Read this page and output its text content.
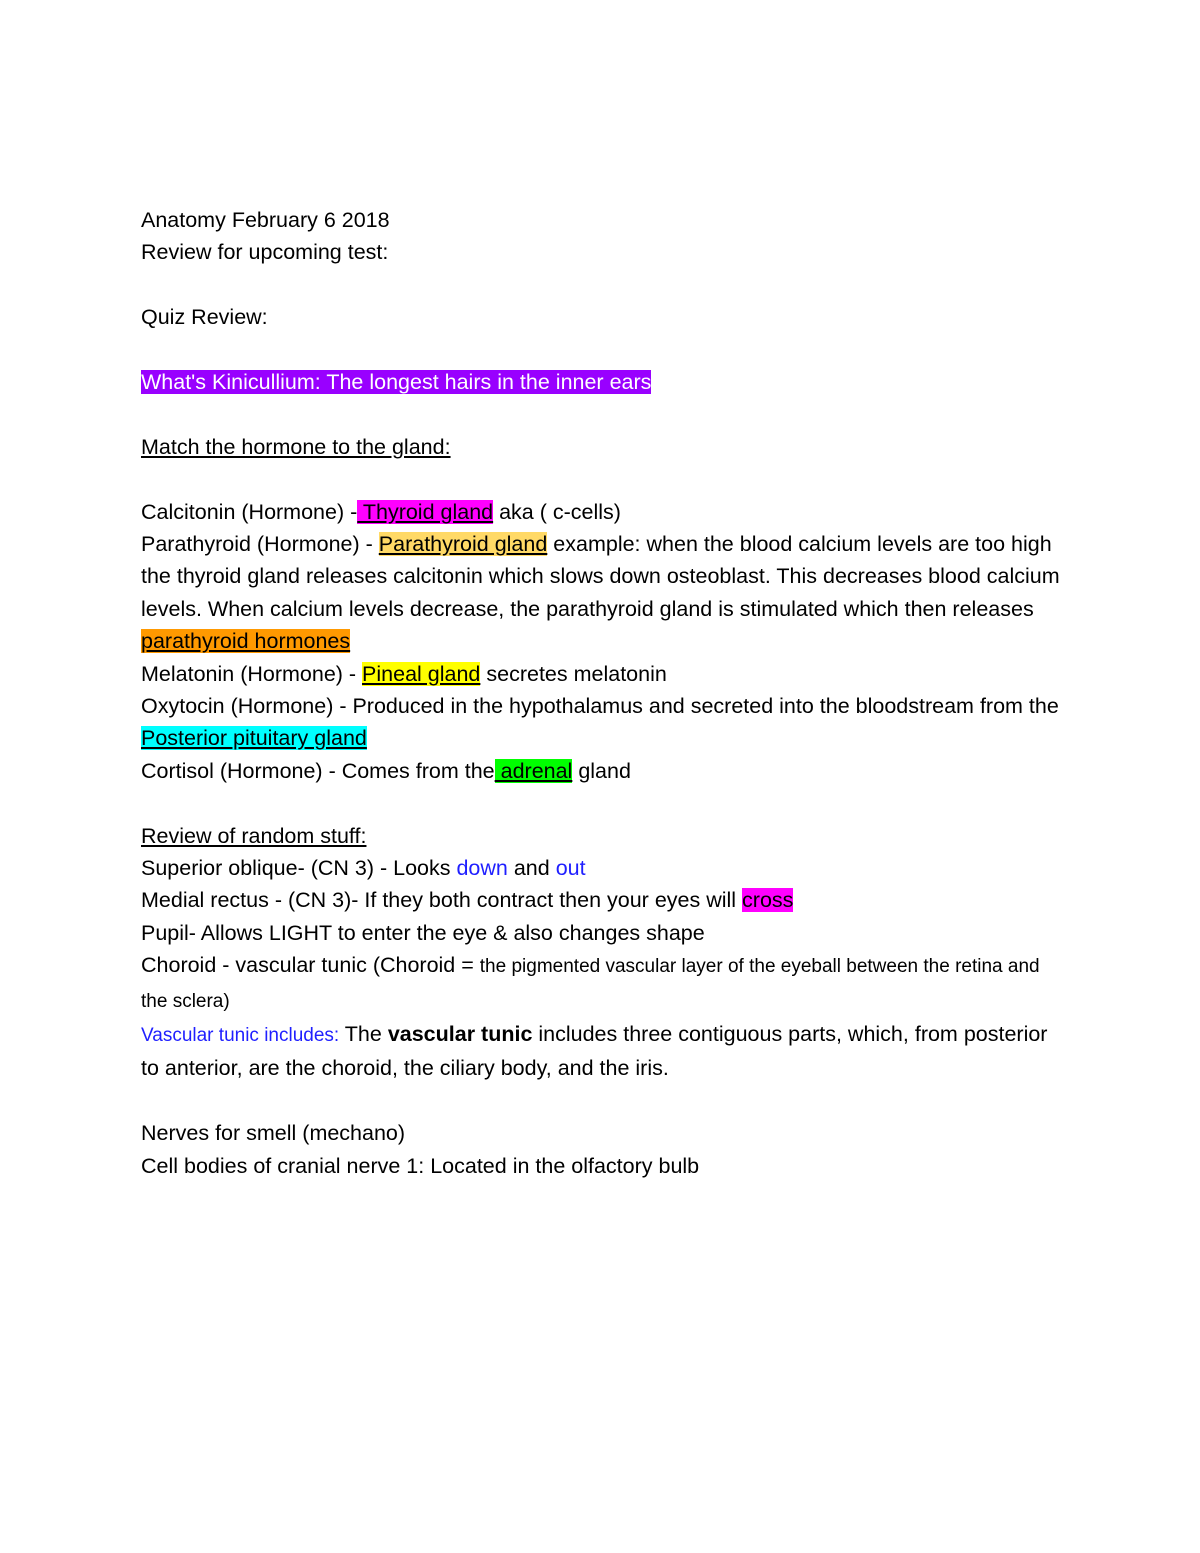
Anatomy February 6 2018
Review for upcoming test:
Quiz Review:
What's Kinicullium: The longest hairs in the inner ears
Match the hormone to the gland:
Calcitonin (Hormone) - Thyroid gland aka ( c-cells)
Parathyroid (Hormone) - Parathyroid gland example: when the blood calcium levels are too high the thyroid gland releases calcitonin which slows down osteoblast. This decreases blood calcium levels. When calcium levels decrease, the parathyroid gland is stimulated which then releases parathyroid hormones
Melatonin (Hormone) - Pineal gland secretes melatonin
Oxytocin (Hormone) - Produced in the hypothalamus and secreted into the bloodstream from the Posterior pituitary gland
Cortisol (Hormone) - Comes from the adrenal gland
Review of random stuff:
Superior oblique- (CN 3) - Looks down and out
Medial rectus - (CN 3)- If they both contract then your eyes will cross
Pupil- Allows LIGHT to enter the eye & also changes shape
Choroid - vascular tunic (Choroid = the pigmented vascular layer of the eyeball between the retina and the sclera)
Vascular tunic includes: The vascular tunic includes three contiguous parts, which, from posterior to anterior, are the choroid, the ciliary body, and the iris.
Nerves for smell (mechano)
Cell bodies of cranial nerve 1: Located in the olfactory bulb
